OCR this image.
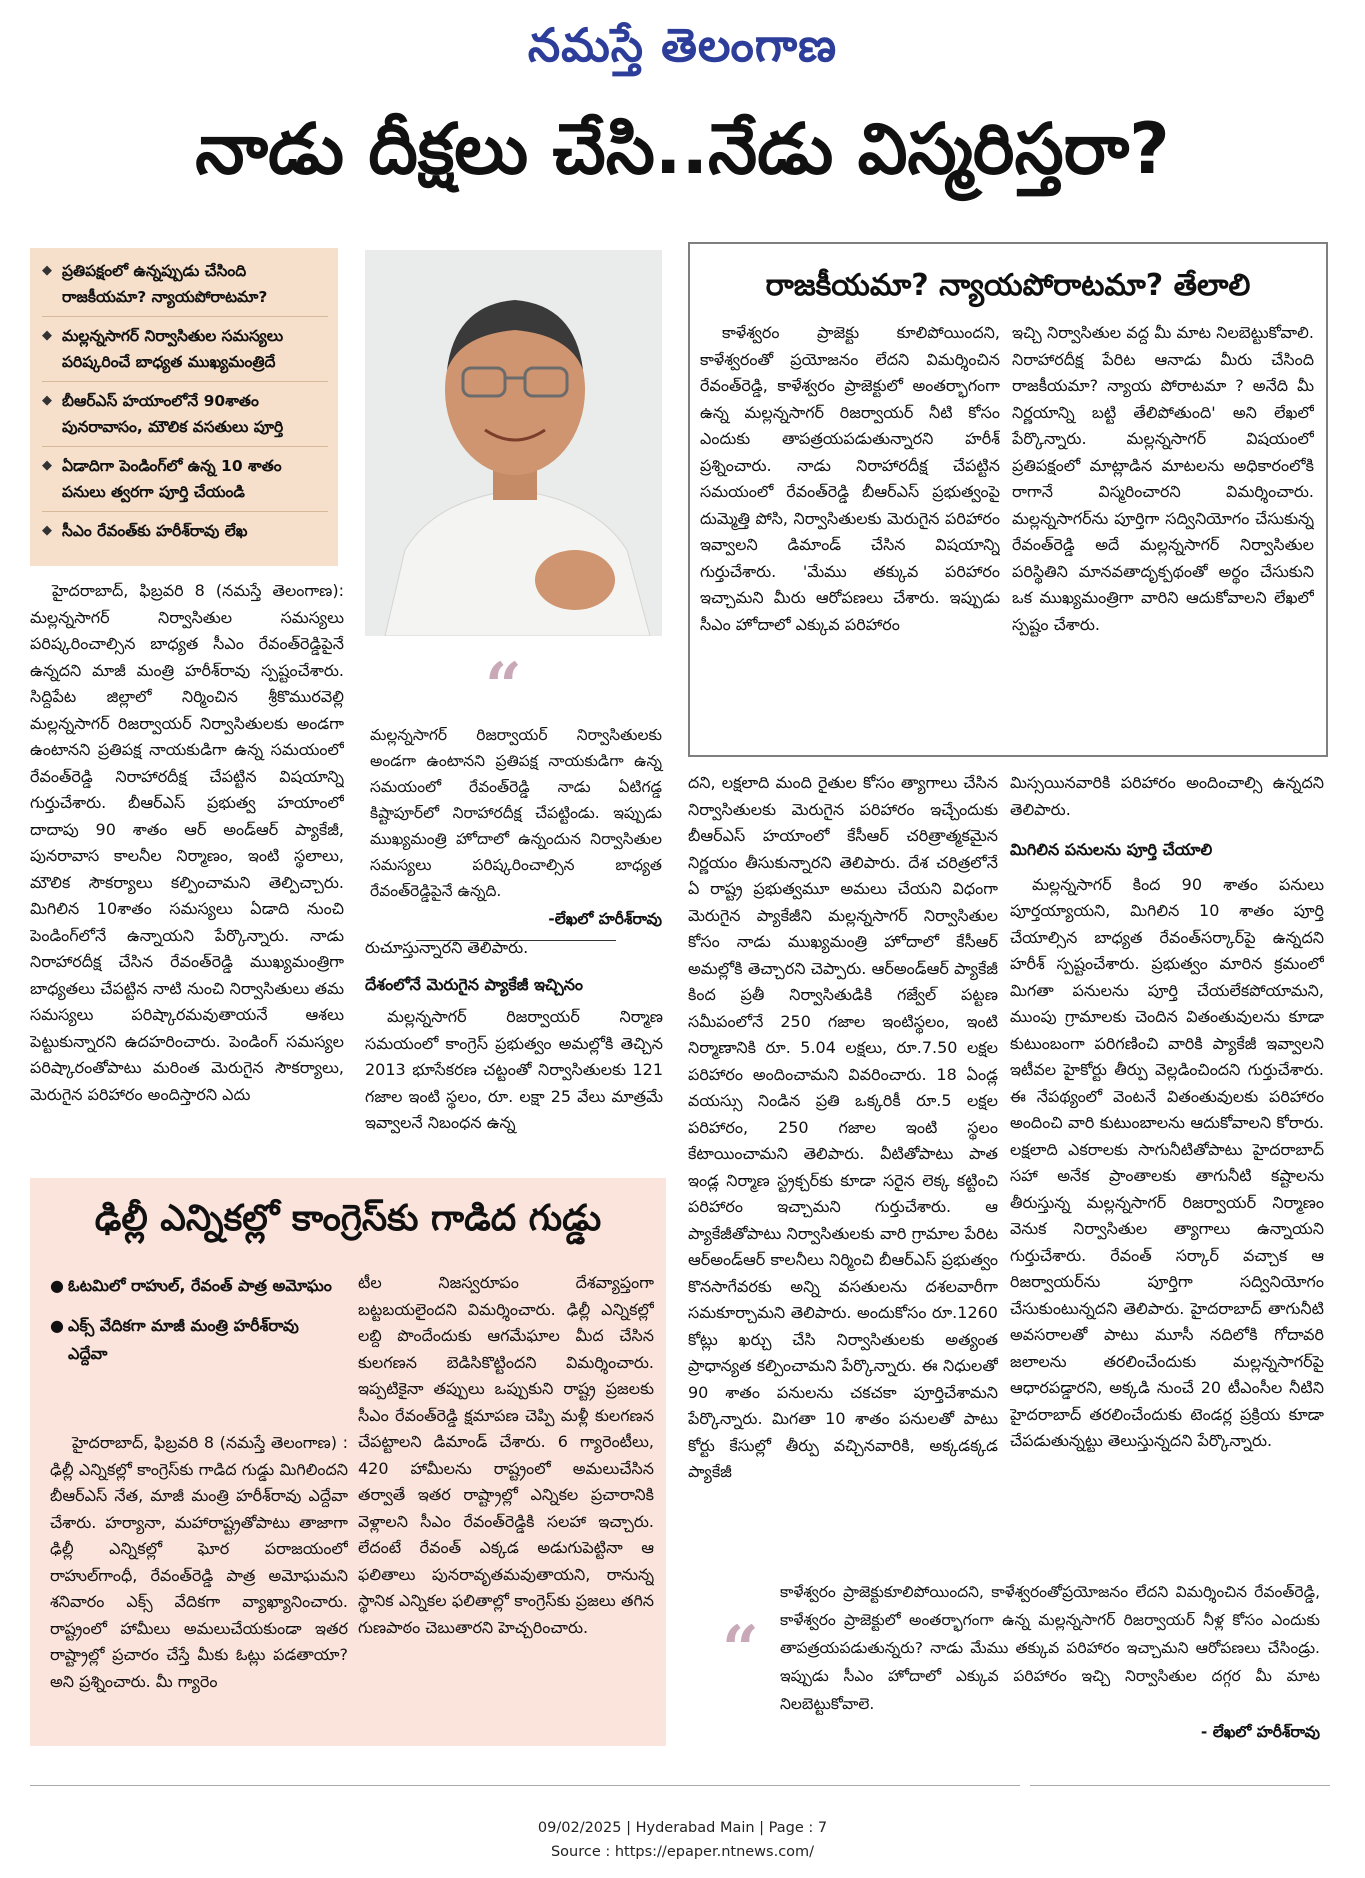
నమస్తే తెలంగాణ
నాడు దీక్షలు చేసి..నేడు విస్మరిస్తరా?
◆ ప్రతిపక్షంలో ఉన్నప్పుడు చేసింది రాజకీయమా? న్యాయపోరాటమా?
◆ మల్లన్నసాగర్ నిర్వాసితుల సమస్యలు పరిష్కరించే బాధ్యత ముఖ్యమంత్రిదే
◆ బీఆర్ఎస్ హయాంలోనే 90శాతం పునరావాసం, మౌలిక వసతులు పూర్తి
◆ ఏడాదిగా పెండింగ్‌లో ఉన్న 10 శాతం పనులు త్వరగా పూర్తి చేయండి
◆ సీఎం రేవంత్‌కు హరీశ్‌రావు లేఖ
“
మల్లన్నసాగర్ రిజర్వాయర్ నిర్వాసితులకు అండగా ఉంటానని ప్రతిపక్ష నాయకుడిగా ఉన్న సమయంలో రేవంత్‌రెడ్డి నాడు ఏటిగడ్డ కిష్టాపూర్‌లో నిరాహారదీక్ష చేపట్టిండు. ఇప్పుడు ముఖ్యమంత్రి హోదాలో ఉన్నందున నిర్వాసితుల సమస్యలు పరిష్కరించాల్సిన బాధ్యత రేవంత్‌రెడ్డిపైనే ఉన్నది.
-లేఖలో హరీశ్‌రావు

హైదరాబాద్, ఫిబ్రవరి 8 (నమస్తే తెలంగాణ): మల్లన్నసాగర్ నిర్వాసితుల సమస్యలు పరిష్కరించాల్సిన బాధ్యత సీఎం రేవంత్‌రెడ్డిపైనే ఉన్నదని మాజీ మంత్రి హరీశ్‌రావు స్పష్టంచేశారు. సిద్దిపేట జిల్లాలో నిర్మించిన శ్రీకొమురవెల్లి మల్లన్నసాగర్ రిజర్వాయర్ నిర్వాసితులకు అండగా ఉంటానని ప్రతిపక్ష నాయకుడిగా ఉన్న సమయంలో రేవంత్‌రెడ్డి నిరాహారదీక్ష చేపట్టిన విషయాన్ని గుర్తుచేశారు. బీఆర్ఎస్ ప్రభుత్వ హయాంలో దాదాపు 90 శాతం ఆర్ అండ్ఆర్ ప్యాకేజీ, పునరావాస కాలనీల నిర్మాణం, ఇంటి స్థలాలు, మౌలిక సౌకర్యాలు కల్పించామని తెల్పిచ్చారు. మిగిలిన 10శాతం సమస్యలు ఏడాది నుంచి పెండింగ్‌లోనే ఉన్నాయని పేర్కొన్నారు. నాడు నిరాహారదీక్ష చేసిన రేవంత్‌రెడ్డి ముఖ్యమంత్రిగా బాధ్యతలు చేపట్టిన నాటి నుంచి నిర్వాసితులు తమ సమస్యలు పరిష్కారమవుతాయనే ఆశలు పెట్టుకున్నారని ఉదహరించారు. పెండింగ్ సమస్యల పరిష్కారంతోపాటు మరింత మెరుగైన సౌకర్యాలు, మెరుగైన పరిహారం అందిస్తారని ఎదు

రుచూస్తున్నారని తెలిపారు.

దేశంలోనే మెరుగైన ప్యాకేజీ ఇచ్చినం

మల్లన్నసాగర్ రిజర్వాయర్ నిర్మాణ సమయంలో కాంగ్రెస్ ప్రభుత్వం అమల్లోకి తెచ్చిన 2013 భూసేకరణ చట్టంతో నిర్వాసితులకు 121 గజాల ఇంటి స్థలం, రూ. లక్షా 25 వేలు మాత్రమే ఇవ్వాలనే నిబంధన ఉన్న

రాజకీయమా? న్యాయపోరాటమా? తేలాలి

కాళేశ్వరం ప్రాజెక్టు కూలిపోయిందని, కాళేశ్వరంతో ప్రయోజనం లేదని విమర్శించిన రేవంత్‌రెడ్డి, కాళేశ్వరం ప్రాజెక్టులో అంతర్భాగంగా ఉన్న మల్లన్నసాగర్ రిజర్వాయర్ నీటి కోసం ఎందుకు తాపత్రయపడుతున్నారని హరీశ్ ప్రశ్నించారు. నాడు నిరాహారదీక్ష చేపట్టిన సమయంలో రేవంత్‌రెడ్డి బీఆర్ఎస్ ప్రభుత్వంపై దుమ్మెత్తి పోసి, నిర్వాసితులకు మెరుగైన పరిహారం ఇవ్వాలని డిమాండ్ చేసిన విషయాన్ని గుర్తుచేశారు. 'మేము తక్కువ పరిహారం ఇచ్చామని మీరు ఆరోపణలు చేశారు. ఇప్పుడు సీఎం హోదాలో ఎక్కువ పరిహారం

ఇచ్చి నిర్వాసితుల వద్ద మీ మాట నిలబెట్టుకోవాలి. నిరాహారదీక్ష పేరిట ఆనాడు మీరు చేసింది రాజకీయమా? న్యాయ పోరాటమా ? అనేది మీ నిర్ణయాన్ని బట్టి తేలిపోతుంది' అని లేఖలో పేర్కొన్నారు. మల్లన్నసాగర్ విషయంలో ప్రతిపక్షంలో మాట్లాడిన మాటలను అధికారంలోకి రాగానే విస్మరించారని విమర్శించారు. మల్లన్నసాగర్‌ను పూర్తిగా సద్వినియోగం చేసుకున్న రేవంత్‌రెడ్డి అదే మల్లన్నసాగర్ నిర్వాసితుల పరిస్థితిని మానవతాదృక్పథంతో అర్థం చేసుకుని ఒక ముఖ్యమంత్రిగా వారిని ఆదుకోవాలని లేఖలో స్పష్టం చేశారు.

దని, లక్షలాది మంది రైతుల కోసం త్యాగాలు చేసిన నిర్వాసితులకు మెరుగైన పరిహారం ఇచ్చేందుకు బీఆర్ఎస్ హయాంలో కేసీఆర్ చరిత్రాత్మకమైన నిర్ణయం తీసుకున్నారని తెలిపారు. దేశ చరిత్రలోనే ఏ రాష్ట్ర ప్రభుత్వమూ అమలు చేయని విధంగా మెరుగైన ప్యాకేజీని మల్లన్నసాగర్ నిర్వాసితుల కోసం నాడు ముఖ్యమంత్రి హోదాలో కేసీఆర్ అమల్లోకి తెచ్చారని చెప్పారు. ఆర్అండ్ఆర్ ప్యాకేజీ కింద ప్రతీ నిర్వాసితుడికి గజ్వేల్ పట్టణ సమీపంలోనే 250 గజాల ఇంటిస్థలం, ఇంటి నిర్మాణానికి రూ. 5.04 లక్షలు, రూ.7.50 లక్షల పరిహారం అందించామని వివరించారు. 18 ఏండ్ల వయస్సు నిండిన ప్రతి ఒక్కరికీ రూ.5 లక్షల పరిహారం, 250 గజాల ఇంటి స్థలం కేటాయించామని తెలిపారు. వీటితోపాటు పాత ఇండ్ల నిర్మాణ స్ట్రక్చర్‌కు కూడా సరైన లెక్క కట్టించి పరిహారం ఇచ్చామని గుర్తుచేశారు. ఆ ప్యాకేజీతోపాటు నిర్వాసితులకు వారి గ్రామాల పేరిట ఆర్అండ్ఆర్ కాలనీలు నిర్మించి బీఆర్ఎస్ ప్రభుత్వం కొనసాగేవరకు అన్ని వసతులను దశలవారీగా సమకూర్చామని తెలిపారు. అందుకోసం రూ.1260 కోట్లు ఖర్చు చేసి నిర్వాసితులకు అత్యంత ప్రాధాన్యత కల్పించామని పేర్కొన్నారు. ఈ నిధులతో 90 శాతం పనులను చకచకా పూర్తిచేశామని పేర్కొన్నారు. మిగతా 10 శాతం పనులతో పాటు కోర్టు కేసుల్లో తీర్పు వచ్చినవారికి, అక్కడక్కడ ప్యాకేజీ

మిస్సయినవారికి పరిహారం అందించాల్సి ఉన్నదని తెలిపారు.

మిగిలిన పనులను పూర్తి చేయాలి

మల్లన్నసాగర్ కింద 90 శాతం పనులు పూర్తయ్యాయని, మిగిలిన 10 శాతం పూర్తి చేయాల్సిన బాధ్యత రేవంత్‌సర్కార్‌పై ఉన్నదని హరీశ్ స్పష్టంచేశారు. ప్రభుత్వం మారిన క్రమంలో మిగతా పనులను పూర్తి చేయలేకపోయామని, ముంపు గ్రామాలకు చెందిన వితంతువులను కూడా కుటుంబంగా పరిగణించి వారికి ప్యాకేజీ ఇవ్వాలని ఇటీవల హైకోర్టు తీర్పు వెల్లడించిందని గుర్తుచేశారు. ఈ నేపథ్యంలో వెంటనే వితంతువులకు పరిహారం అందించి వారి కుటుంబాలను ఆదుకోవాలని కోరారు. లక్షలాది ఎకరాలకు సాగునీటితోపాటు హైదరాబాద్ సహా అనేక ప్రాంతాలకు తాగునీటి కష్టాలను తీరుస్తున్న మల్లన్నసాగర్ రిజర్వాయర్ నిర్మాణం వెనుక నిర్వాసితుల త్యాగాలు ఉన్నాయని గుర్తుచేశారు. రేవంత్ సర్కార్ వచ్చాక ఆ రిజర్వాయర్‌ను పూర్తిగా సద్వినియోగం చేసుకుంటున్నదని తెలిపారు. హైదరాబాద్ తాగునీటి అవసరాలతో పాటు మూసీ నదిలోకి గోదావరి జలాలను తరలించేందుకు మల్లన్నసాగర్‌పై ఆధారపడ్డారని, అక్కడి నుంచే 20 టీఎంసీల నీటిని హైదరాబాద్ తరలించేందుకు టెండర్ల ప్రక్రియ కూడా చేపడుతున్నట్టు తెలుస్తున్నదని పేర్కొన్నారు.

ఢిల్లీ ఎన్నికల్లో కాంగ్రెస్‌కు గాడిద గుడ్డు
● ఓటమిలో రాహుల్, రేవంత్ పాత్ర అమోఘం
● ఎక్స్ వేదికగా మాజీ మంత్రి హరీశ్‌రావు ఎద్దేవా

హైదరాబాద్, ఫిబ్రవరి 8 (నమస్తే తెలంగాణ) : ఢిల్లీ ఎన్నికల్లో కాంగ్రెస్‌కు గాడిద గుడ్డు మిగిలిందని బీఆర్ఎస్ నేత, మాజీ మంత్రి హరీశ్‌రావు ఎద్దేవా చేశారు. హర్యానా, మహారాష్ట్రతోపాటు తాజాగా ఢిల్లీ ఎన్నికల్లో ఘోర పరాజయంలో రాహుల్‌గాంధీ, రేవంత్‌రెడ్డి పాత్ర అమోఘమని శనివారం ఎక్స్ వేదికగా వ్యాఖ్యానించారు. రాష్ట్రంలో హామీలు అమలుచేయకుండా ఇతర రాష్ట్రాల్లో ప్రచారం చేస్తే మీకు ఓట్లు పడతాయా? అని ప్రశ్నించారు. మీ గ్యారెం

టీల నిజస్వరూపం దేశవ్యాప్తంగా బట్టబయలైందని విమర్శించారు. ఢిల్లీ ఎన్నికల్లో లబ్ది పొందేందుకు ఆగమేఘాల మీద చేసిన కులగణన బెడిసికొట్టిందని విమర్శించారు. ఇప్పటికైనా తప్పులు ఒప్పుకుని రాష్ట్ర ప్రజలకు సీఎం రేవంత్‌రెడ్డి క్షమాపణ చెప్పి మళ్లీ కులగణన చేపట్టాలని డిమాండ్ చేశారు. 6 గ్యారెంటీలు, 420 హామీలను రాష్ట్రంలో అమలుచేసిన తర్వాతే ఇతర రాష్ట్రాల్లో ఎన్నికల ప్రచారానికి వెళ్లాలని సీఎం రేవంత్‌రెడ్డికి సలహా ఇచ్చారు. లేదంటే రేవంత్ ఎక్కడ అడుగుపెట్టినా ఆ ఫలితాలు పునరావృతమవుతాయని, రానున్న స్థానిక ఎన్నికల ఫలితాల్లో కాంగ్రెస్‌కు ప్రజలు తగిన గుణపాఠం చెబుతారని హెచ్చరించారు.	“
కాళేశ్వరం ప్రాజెక్టుకూలిపోయిందని, కాళేశ్వరంతోప్రయోజనం లేదని విమర్శించిన రేవంత్‌రెడ్డి, కాళేశ్వరం ప్రాజెక్టులో అంతర్భాగంగా ఉన్న మల్లన్నసాగర్ రిజర్వాయర్ నీళ్ల కోసం ఎందుకు తాపత్రయపడుతున్నరు? నాడు మేము తక్కువ పరిహారం ఇచ్చామని ఆరోపణలు చేసిండ్రు. ఇప్పుడు సీఎం హోదాలో ఎక్కువ పరిహారం ఇచ్చి నిర్వాసితుల దగ్గర మీ మాట నిలబెట్టుకోవాలె.
- లేఖలో హరీశ్‌రావు
09/02/2025 | Hyderabad Main | Page : 7
Source : https://epaper.ntnews.com/
